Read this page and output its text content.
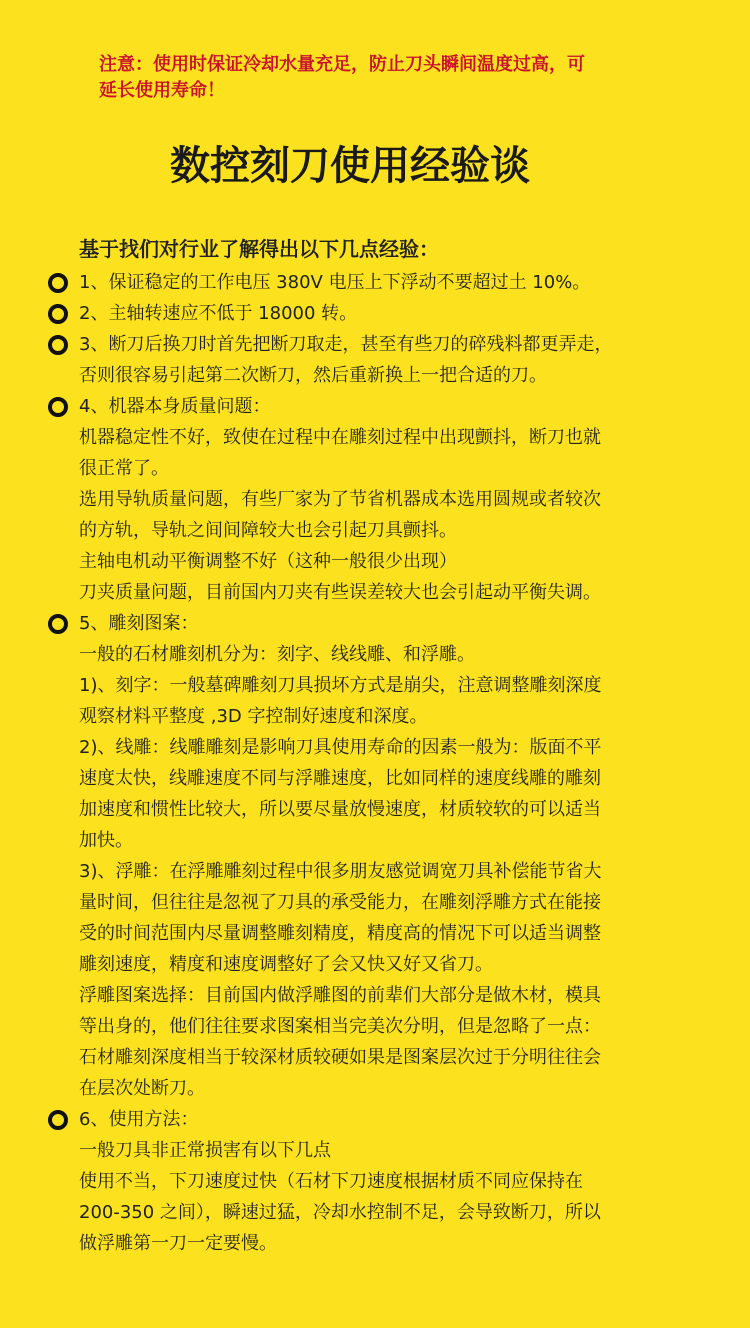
注意：使用时保证冷却水量充足，防止刀头瞬间温度过高，可
延长使用寿命！
数控刻刀使用经验谈
基于找们对行业了解得出以下几点经验：
1、保证稳定的工作电压 380V 电压上下浮动不要超过土 10%。
2、主轴转速应不低于 18000 转。
3、断刀后换刀时首先把断刀取走，甚至有些刀的碎残料都更弄走，
否则很容易引起第二次断刀，然后重新换上一把合适的刀。
4、机器本身质量问题：
机器稳定性不好，致使在过程中在雕刻过程中出现颤抖，断刀也就
很正常了。
选用导轨质量问题，有些厂家为了节省机器成本选用圆规或者较次
的方轨，导轨之间间障较大也会引起刀具颤抖。
主轴电机动平衡调整不好（这种一般很少出现）
刀夹质量问题，目前国内刀夹有些误差较大也会引起动平衡失调。
5、雕刻图案：
一般的石材雕刻机分为：刻字、线线雕、和浮雕。
1)、刻字：一般墓碑雕刻刀具损坏方式是崩尖，注意调整雕刻深度
观察材料平整度 ,3D 字控制好速度和深度。
2)、线雕：线雕雕刻是影响刀具使用寿命的因素一般为：版面不平
速度太快，线雕速度不同与浮雕速度，比如同样的速度线雕的雕刻
加速度和惯性比较大，所以要尽量放慢速度，材质较软的可以适当
加快。
3)、浮雕：在浮雕雕刻过程中很多朋友感觉调宽刀具补偿能节省大
量时间，但往往是忽视了刀具的承受能力，在雕刻浮雕方式在能接
受的时间范围内尽量调整雕刻精度，精度高的情况下可以适当调整
雕刻速度，精度和速度调整好了会又快又好又省刀。
浮雕图案选择：目前国内做浮雕图的前辈们大部分是做木材，模具
等出身的，他们往往要求图案相当完美次分明，但是忽略了一点：
石材雕刻深度相当于较深材质较硬如果是图案层次过于分明往往会
在层次处断刀。
6、使用方法：
一般刀具非正常损害有以下几点
使用不当，下刀速度过快（石材下刀速度根据材质不同应保持在
200-350 之间），瞬速过猛，冷却水控制不足，会导致断刀，所以
做浮雕第一刀一定要慢。
